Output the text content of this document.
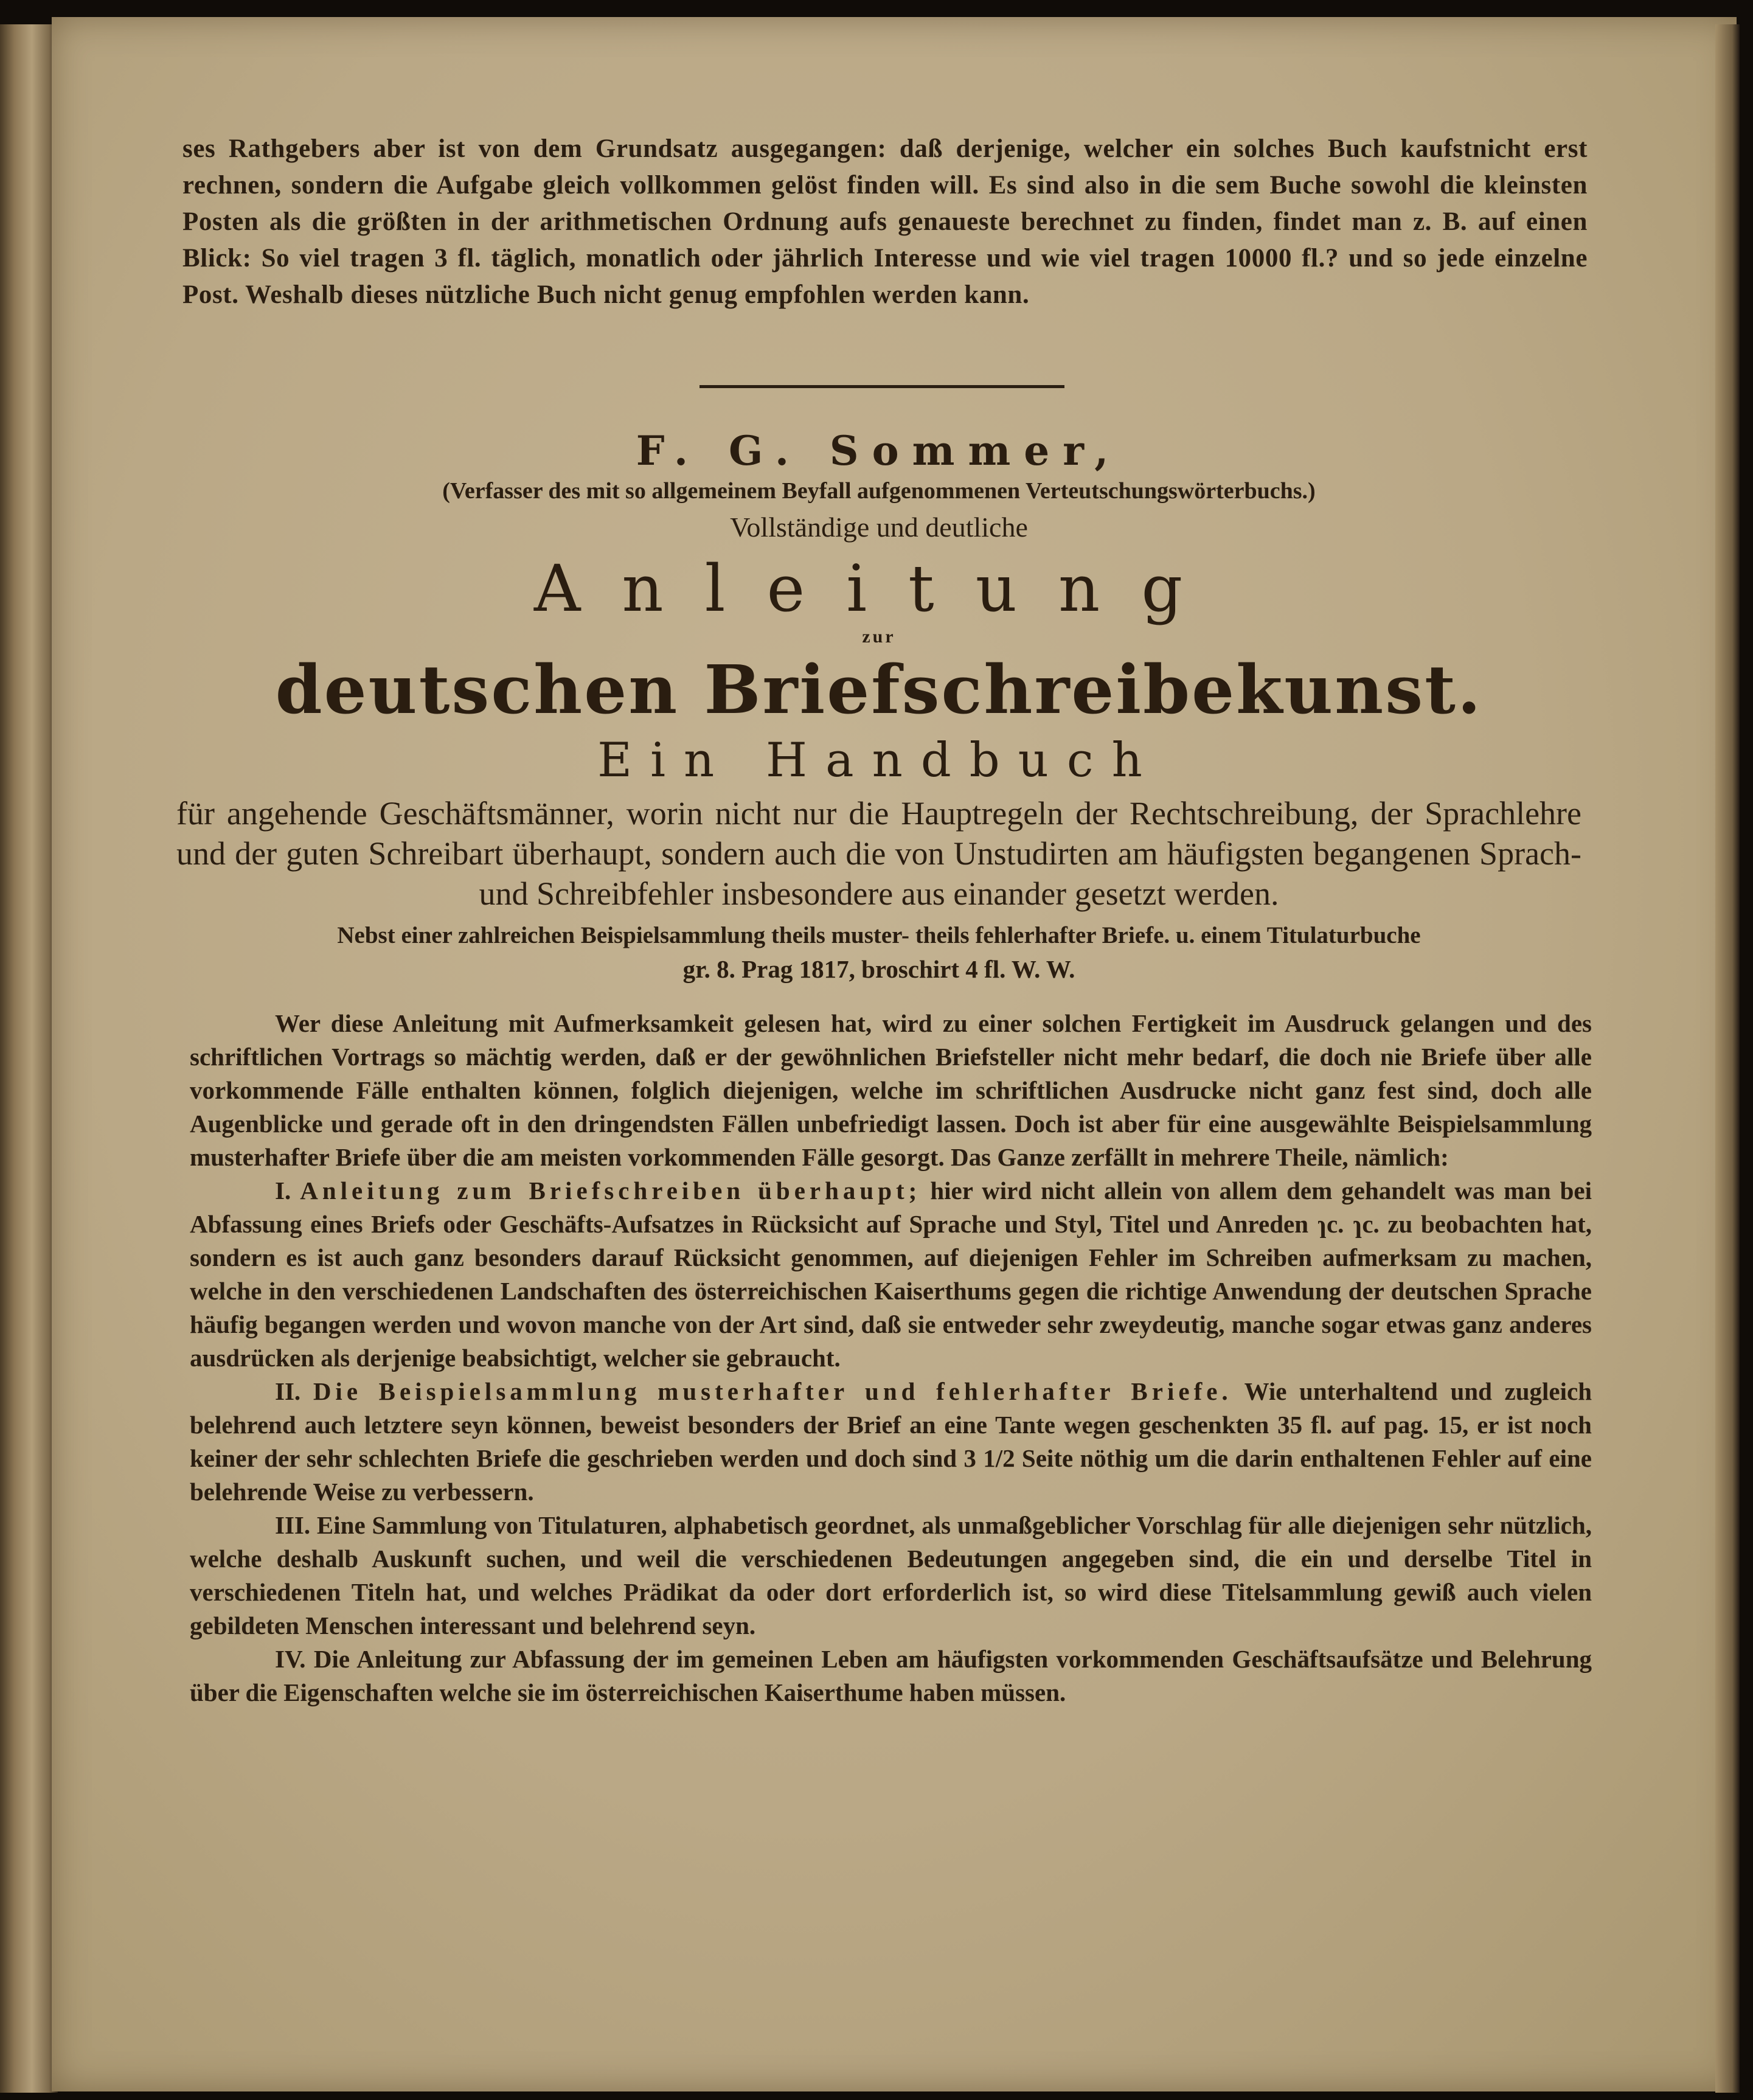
ses Rathgebers aber ist von dem Grundsatz ausgegangen: daß derjenige, welcher ein solches Buch kaufstnicht erst rechnen, sondern die Aufgabe gleich vollkommen gelöst finden will. Es sind also in die sem Buche sowohl die kleinsten Posten als die größten in der arithmetischen Ordnung aufs genaueste berechnet zu finden, findet man z. B. auf einen Blick: So viel tragen 3 fl. täglich, monatlich oder jährlich Interesse und wie viel tragen 10000 fl.? und so jede einzelne Post. Weshalb dieses nützliche Buch nicht genug empfohlen werden kann.

F. G. Sommer,
(Verfasser des mit so allgemeinem Beyfall aufgenommenen Verteutschungswörterbuchs.)
Vollständige und deutliche
Anleitung
zur
deutschen Briefschreibekunst.
Ein Handbuch
für angehende Geschäftsmänner, worin nicht nur die Hauptregeln der Rechtschreibung, der Sprachlehre und der guten Schreibart überhaupt, sondern auch die von Unstudirten am häufigsten begangenen Sprach- und Schreibfehler insbesondere aus einander gesetzt werden.
Nebst einer zahlreichen Beispielsammlung theils muster- theils fehlerhafter Briefe. u. einem Titulaturbuche
gr. 8. Prag 1817, broschirt 4 fl. W. W.

Wer diese Anleitung mit Aufmerksamkeit gelesen hat, wird zu einer solchen Fertigkeit im Ausdruck gelangen und des schriftlichen Vortrags so mächtig werden, daß er der gewöhnlichen Briefsteller nicht mehr bedarf, die doch nie Briefe über alle vorkommende Fälle enthalten können, folglich diejenigen, welche im schriftlichen Ausdrucke nicht ganz fest sind, doch alle Augenblicke und gerade oft in den dringendsten Fällen unbefriedigt lassen. Doch ist aber für eine ausgewählte Beispielsammlung musterhafter Briefe über die am meisten vorkommenden Fälle gesorgt. Das Ganze zerfällt in mehrere Theile, nämlich:

I. Anleitung zum Briefschreiben überhaupt; hier wird nicht allein von allem dem gehandelt was man bei Abfassung eines Briefs oder Geschäfts-Aufsatzes in Rücksicht auf Sprache und Styl, Titel und Anreden ɿc. ɿc. zu beobachten hat, sondern es ist auch ganz besonders darauf Rücksicht genommen, auf diejenigen Fehler im Schreiben aufmerksam zu machen, welche in den verschiedenen Landschaften des österreichischen Kaiserthums gegen die richtige Anwendung der deutschen Sprache häufig begangen werden und wovon manche von der Art sind, daß sie entweder sehr zweydeutig, manche sogar etwas ganz anderes ausdrücken als derjenige beabsichtigt, welcher sie gebraucht.

II. Die Beispielsammlung musterhafter und fehlerhafter Briefe. Wie unterhaltend und zugleich belehrend auch letztere seyn können, beweist besonders der Brief an eine Tante wegen geschenkten 35 fl. auf pag. 15, er ist noch keiner der sehr schlechten Briefe die geschrieben werden und doch sind 3 1/2 Seite nöthig um die darin enthaltenen Fehler auf eine belehrende Weise zu verbessern.

III. Eine Sammlung von Titulaturen, alphabetisch geordnet, als unmaßgeblicher Vorschlag für alle diejenigen sehr nützlich, welche deshalb Auskunft suchen, und weil die verschiedenen Bedeutungen angegeben sind, die ein und derselbe Titel in verschiedenen Titeln hat, und welches Prädikat da oder dort erforderlich ist, so wird diese Titelsammlung gewiß auch vielen gebildeten Menschen interessant und belehrend seyn.

IV. Die Anleitung zur Abfassung der im gemeinen Leben am häufigsten vorkommenden Geschäftsaufsätze und Belehrung über die Eigenschaften welche sie im österreichischen Kaiserthume haben müssen.
